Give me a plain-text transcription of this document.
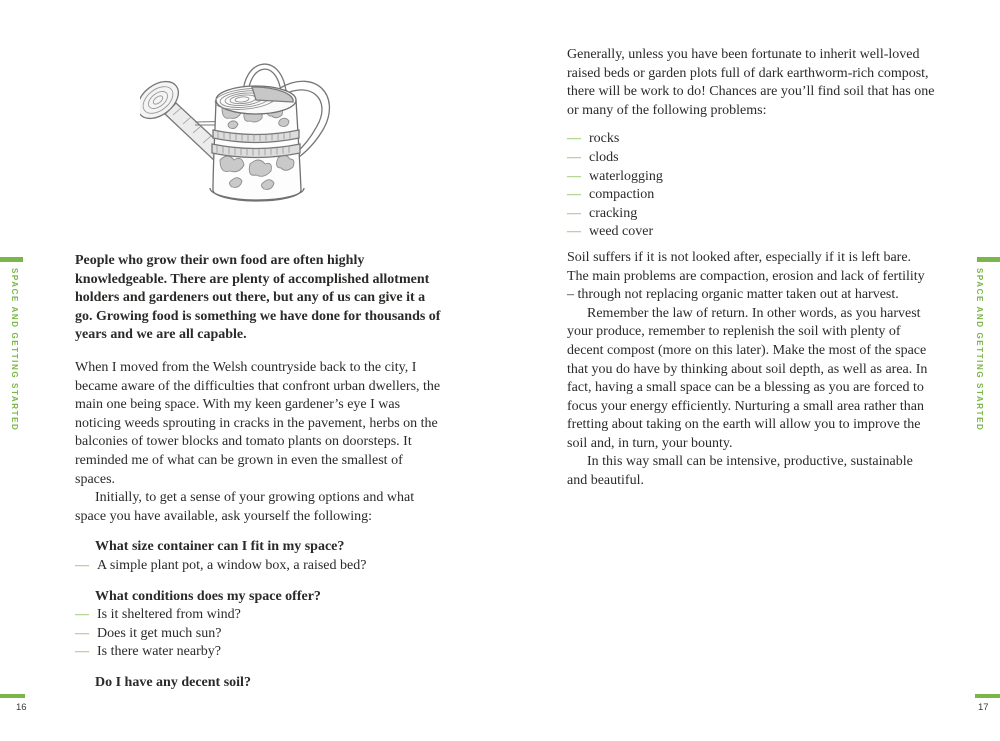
SPACE AND GETTING STARTED	SPACE AND GETTING STARTED
16	17

People who grow their own food are often highly knowledgeable. There are plenty of accomplished allotment holders and gardeners out there, but any of us can give it a go. Growing food is something we have done for thousands of years and we are all capable.

When I moved from the Welsh countryside back to the city, I became aware of the difficulties that confront urban dwellers, the main one being space. With my keen gardener’s eye I was noticing weeds sprouting in cracks in the pavement, herbs on the balconies of tower blocks and tomato plants on doorsteps. It reminded me of what can be grown in even the smallest of spaces.

Initially, to get a sense of your growing options and what space you have available, ask yourself the following:

What size container can I fit in my space?
— A simple plant pot, a window box, a raised bed?
What conditions does my space offer?
— Is it sheltered from wind?
— Does it get much sun?
— Is there water nearby?
Do I have any decent soil?

Generally, unless you have been fortunate to inherit well-loved raised beds or garden plots full of dark earthworm-rich compost, there will be work to do! Chances are you’ll find soil that has one or many of the following problems:

— rocks
— clods
— waterlogging
— compaction
— cracking
— weed cover

Soil suffers if it is not looked after, especially if it is left bare. The main problems are compaction, erosion and lack of fertility – through not replacing organic matter taken out at harvest.

Remember the law of return. In other words, as you harvest your produce, remember to replenish the soil with plenty of decent compost (more on this later). Make the most of the space that you do have by thinking about soil depth, as well as area. In fact, having a small space can be a blessing as you are forced to focus your energy efficiently. Nurturing a small area rather than fretting about taking on the earth will allow you to improve the soil and, in turn, your bounty.

In this way small can be intensive, productive, sustainable and beautiful.
